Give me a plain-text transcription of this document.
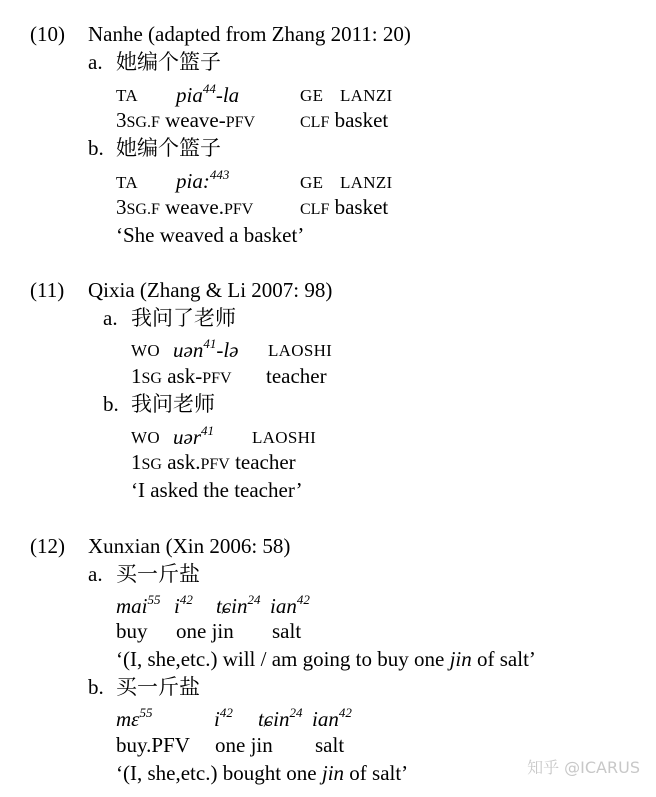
(10) Nanhe (adapted from Zhang 2011: 20)
a. 她编个篮子
TA pia$^{44}$-la	GE LANZI
3SG.F weave-PFV	CLF basket
b. 她编个篮子
TA pia:$^{443}$	GE LANZI
3SG.F weave.PFV	CLF basket
‘She weaved a basket’
(11) Qixia (Zhang & Li 2007: 98)
a. 我问了老师
WO uən$^{41}$-lə LAOSHI
1SG ask-PFV teacher
b. 我问老师
WO uər$^{41}$ LAOSHI
1SG ask.PFV teacher
‘I asked the teacher’
(12) Xunxian (Xin 2006: 58)
a. 买一斤盐
mai$^{55}$ $i^{42}$ tɕin$^{24}$ ian$^{42}$
buy one jin salt
‘(I, she,etc.) will / am going to buy one jin of salt’
b. 买一斤盐
mɛ$^{55}$	$i^{42}$ tɕin$^{24}$ ian$^{42}$
buy.PFV one jin salt
‘(I, she,etc.) bought one jin of salt’	知乎 @ICARUS
